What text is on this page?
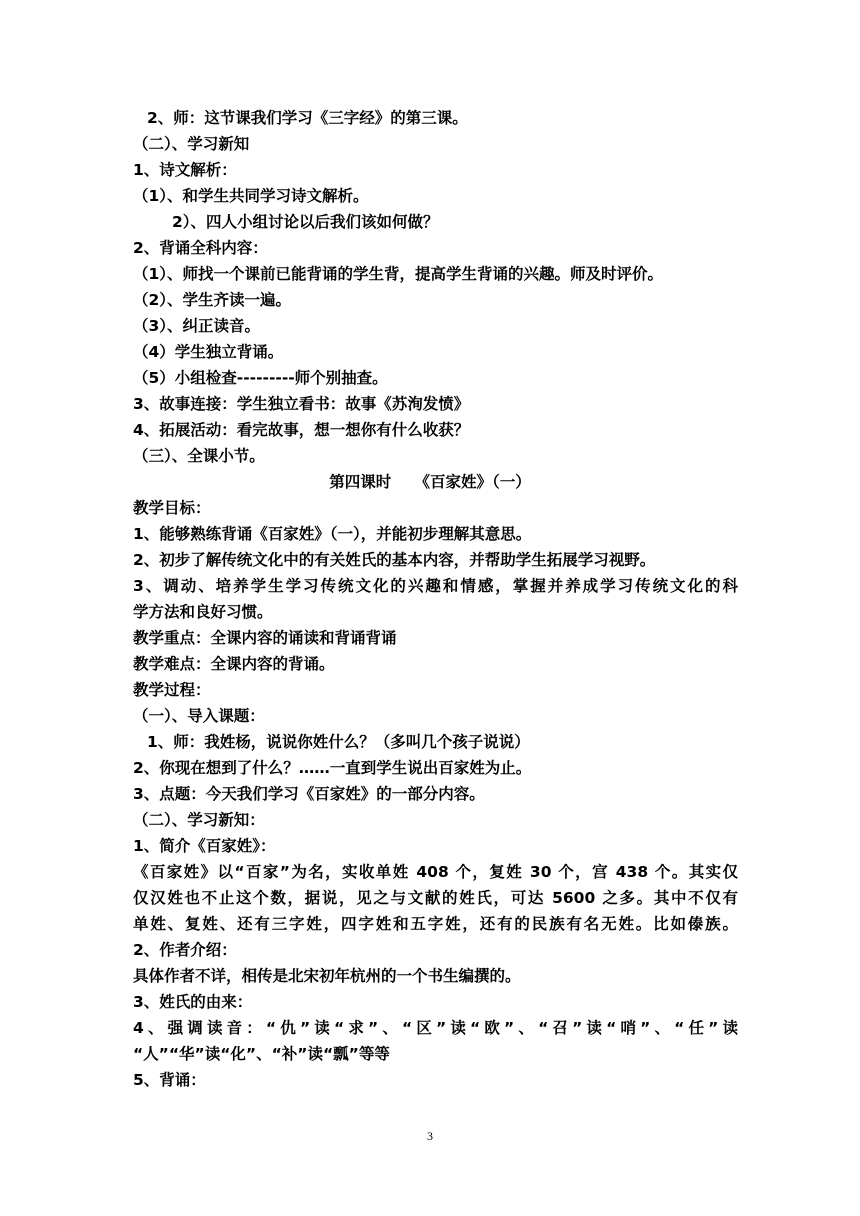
2、师：这节课我们学习《三字经》的第三课。
（二）、学习新知
1、诗文解析：
（1）、和学生共同学习诗文解析。
2）、四人小组讨论以后我们该如何做？
2、背诵全科内容：
（1）、师找一个课前已能背诵的学生背，提高学生背诵的兴趣。师及时评价。
（2）、学生齐读一遍。
（3）、纠正读音。
（4）学生独立背诵。
（5）小组检查---------师个别抽查。
3、故事连接：学生独立看书：故事《苏洵发愤》
4、拓展活动：看完故事，想一想你有什么收获？
（三）、全课小节。
第四课时　　《百家姓》（一）
教学目标：
1、能够熟练背诵《百家姓》（一），并能初步理解其意思。
2、初步了解传统文化中的有关姓氏的基本内容，并帮助学生拓展学习视野。
3、调动、培养学生学习传统文化的兴趣和情感，掌握并养成学习传统文化的科
学方法和良好习惯。
教学重点：全课内容的诵读和背诵背诵
教学难点：全课内容的背诵。
教学过程：
（一）、导入课题：
1、师：我姓杨，说说你姓什么？（多叫几个孩子说说）
2、你现在想到了什么？……一直到学生说出百家姓为止。
3、点题：今天我们学习《百家姓》的一部分内容。
（二）、学习新知：
1、简介《百家姓》：
《百家姓》以“百家”为名，实收单姓 408 个，复姓 30 个，宫 438 个。其实仅
仅汉姓也不止这个数，据说，见之与文献的姓氏，可达 5600 之多。其中不仅有
单姓、复姓、还有三字姓，四字姓和五字姓，还有的民族有名无姓。比如傣族。
2、作者介绍：
具体作者不详，相传是北宋初年杭州的一个书生编撰的。
3、姓氏的由来：
4、强调读音：“仇”读“求”、“区”读“欧”、“召”读“哨”、“任”读
“人”“华”读“化”、“补”读“瓢”等等
5、背诵：
3
